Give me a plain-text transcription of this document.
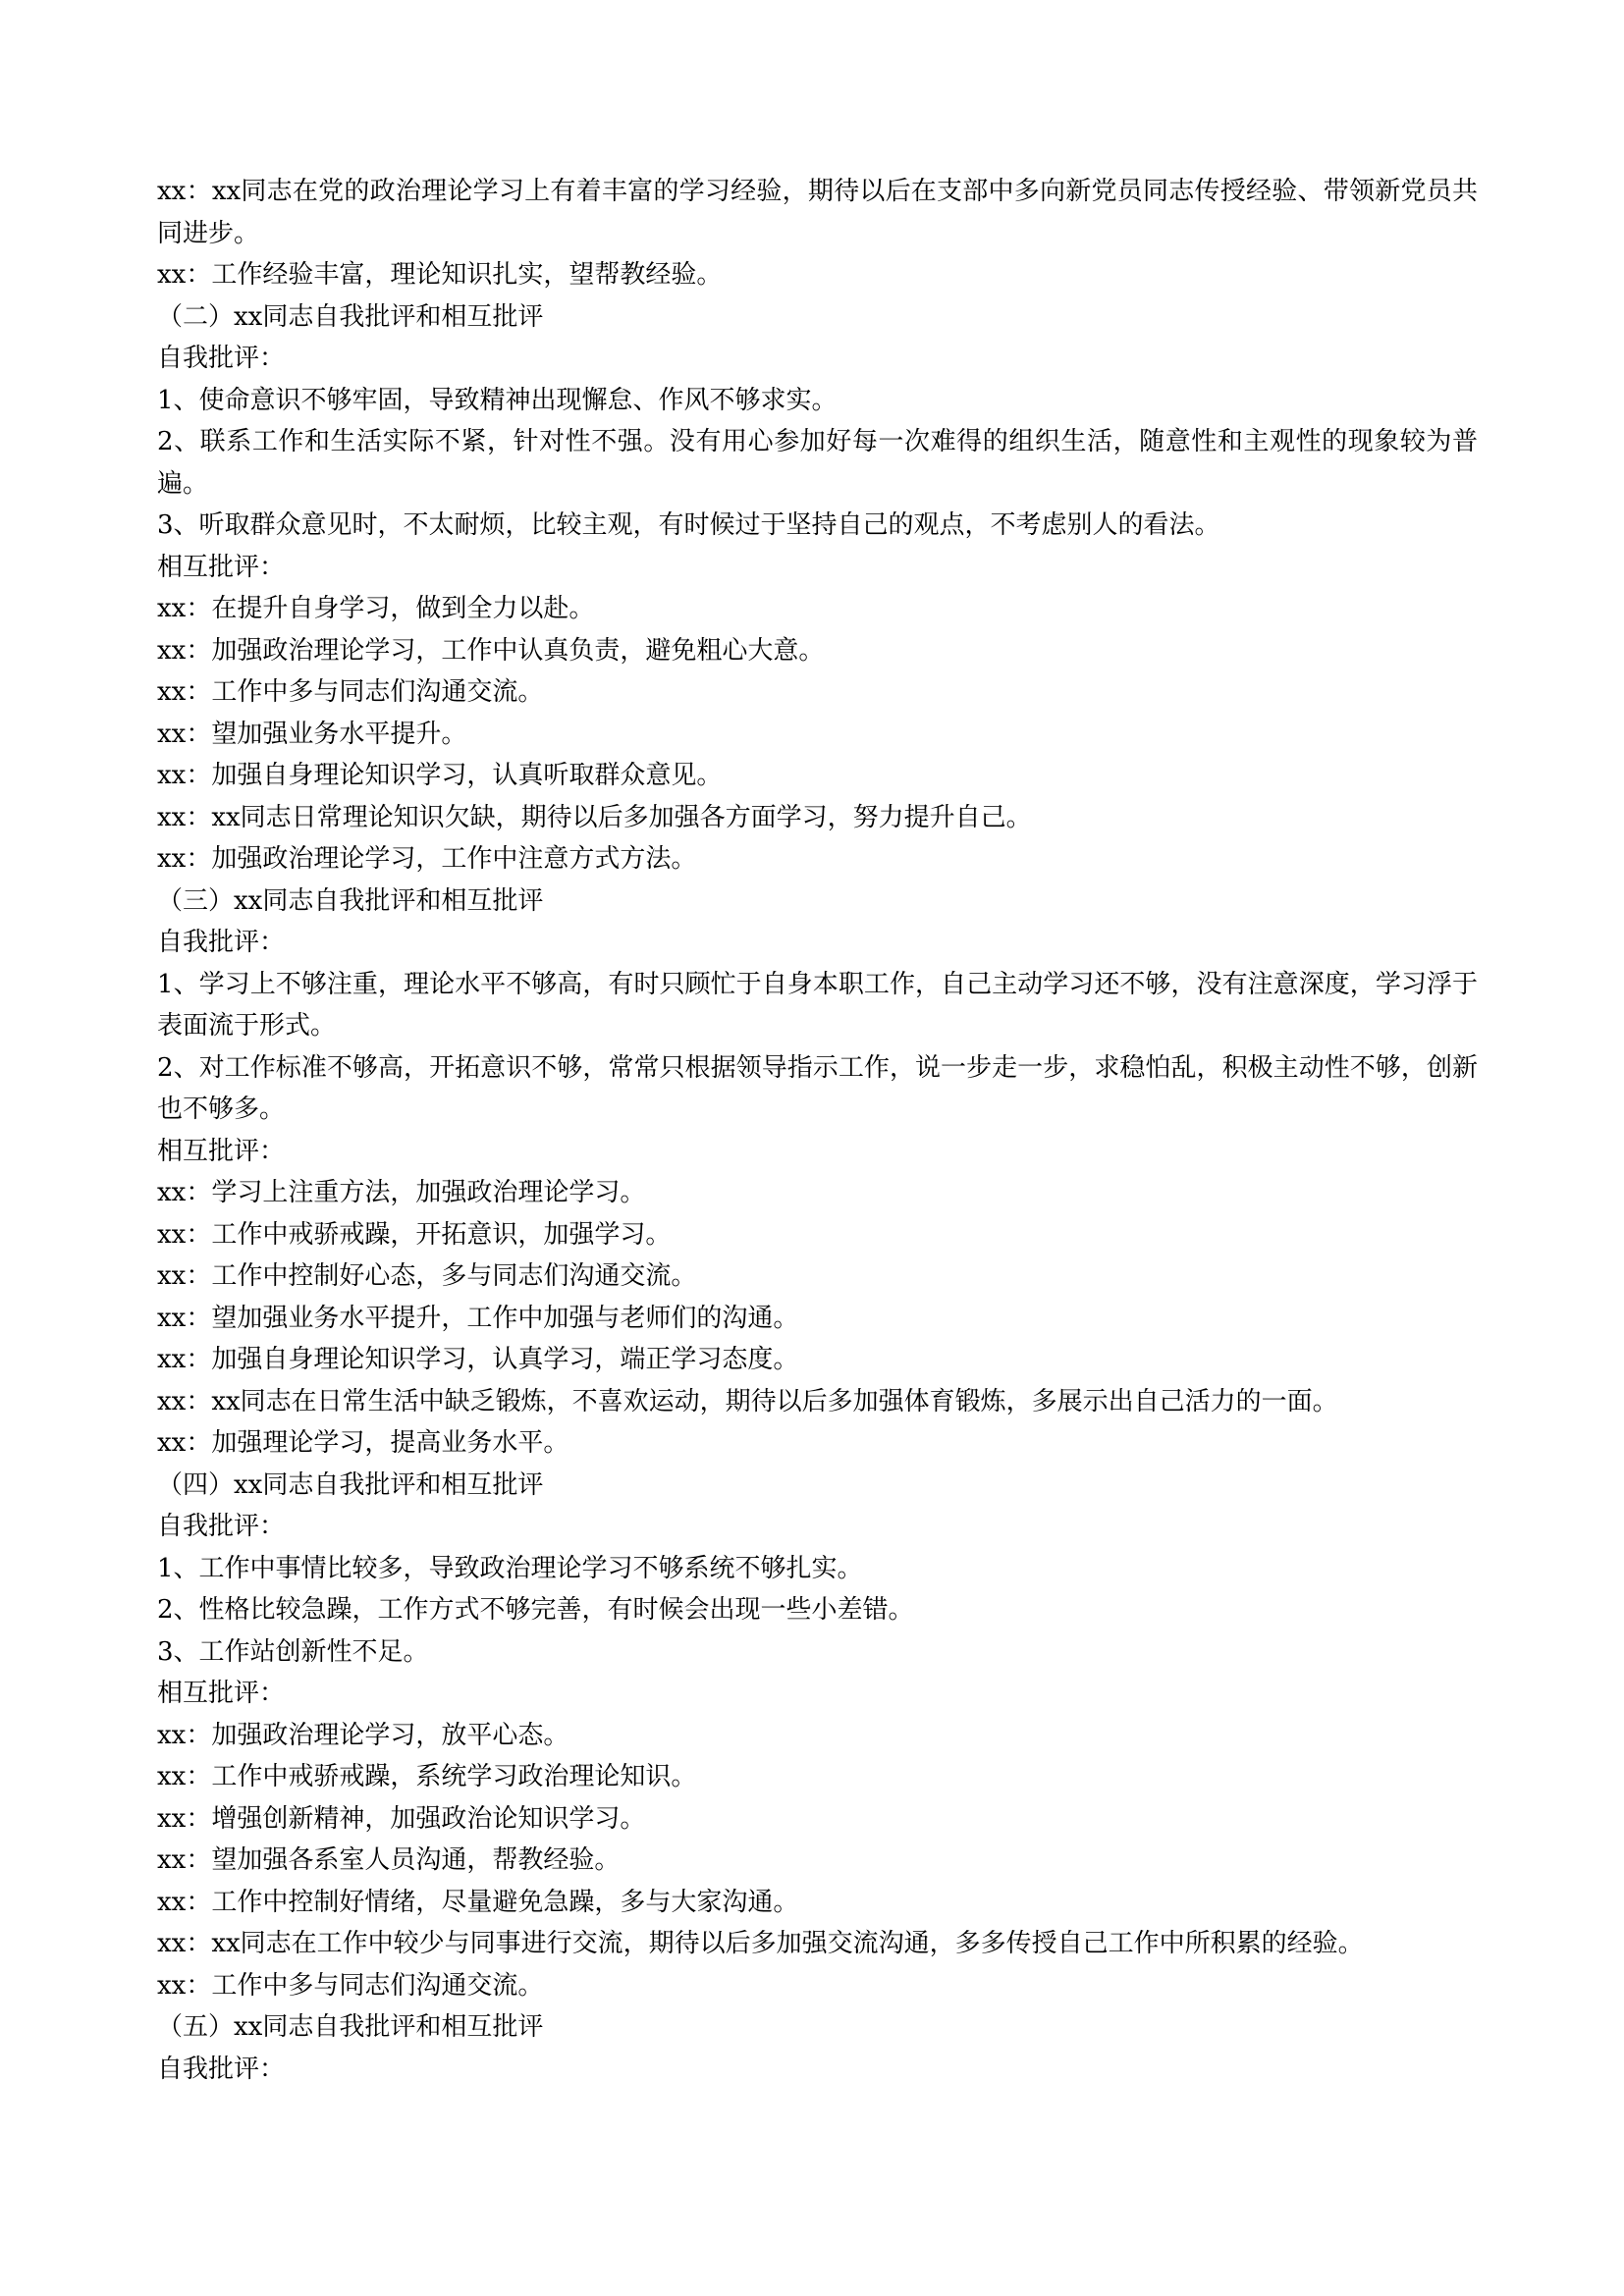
xx：xx同志在党的政治理论学习上有着丰富的学习经验，期待以后在支部中多向新党员同志传授经验、带领新党员共同进步。

xx：工作经验丰富，理论知识扎实，望帮教经验。

（二）xx同志自我批评和相互批评

自我批评：

1、使命意识不够牢固，导致精神出现懈怠、作风不够求实。

2、联系工作和生活实际不紧，针对性不强。没有用心参加好每一次难得的组织生活，随意性和主观性的现象较为普遍。

3、听取群众意见时，不太耐烦，比较主观，有时候过于坚持自己的观点，不考虑别人的看法。

相互批评：

xx：在提升自身学习，做到全力以赴。

xx：加强政治理论学习，工作中认真负责，避免粗心大意。

xx：工作中多与同志们沟通交流。

xx：望加强业务水平提升。

xx：加强自身理论知识学习，认真听取群众意见。

xx：xx同志日常理论知识欠缺，期待以后多加强各方面学习，努力提升自己。

xx：加强政治理论学习，工作中注意方式方法。

（三）xx同志自我批评和相互批评

自我批评：

1、学习上不够注重，理论水平不够高，有时只顾忙于自身本职工作，自己主动学习还不够，没有注意深度，学习浮于表面流于形式。

2、对工作标准不够高，开拓意识不够，常常只根据领导指示工作，说一步走一步，求稳怕乱，积极主动性不够，创新也不够多。

相互批评：

xx：学习上注重方法，加强政治理论学习。

xx：工作中戒骄戒躁，开拓意识，加强学习。

xx：工作中控制好心态，多与同志们沟通交流。

xx：望加强业务水平提升，工作中加强与老师们的沟通。

xx：加强自身理论知识学习，认真学习，端正学习态度。

xx：xx同志在日常生活中缺乏锻炼，不喜欢运动，期待以后多加强体育锻炼，多展示出自己活力的一面。

xx：加强理论学习，提高业务水平。

（四）xx同志自我批评和相互批评

自我批评：

1、工作中事情比较多，导致政治理论学习不够系统不够扎实。

2、性格比较急躁，工作方式不够完善，有时候会出现一些小差错。

3、工作站创新性不足。

相互批评：

xx：加强政治理论学习，放平心态。

xx：工作中戒骄戒躁，系统学习政治理论知识。

xx：增强创新精神，加强政治论知识学习。

xx：望加强各系室人员沟通，帮教经验。

xx：工作中控制好情绪，尽量避免急躁，多与大家沟通。

xx：xx同志在工作中较少与同事进行交流，期待以后多加强交流沟通，多多传授自己工作中所积累的经验。

xx：工作中多与同志们沟通交流。

（五）xx同志自我批评和相互批评

自我批评：
